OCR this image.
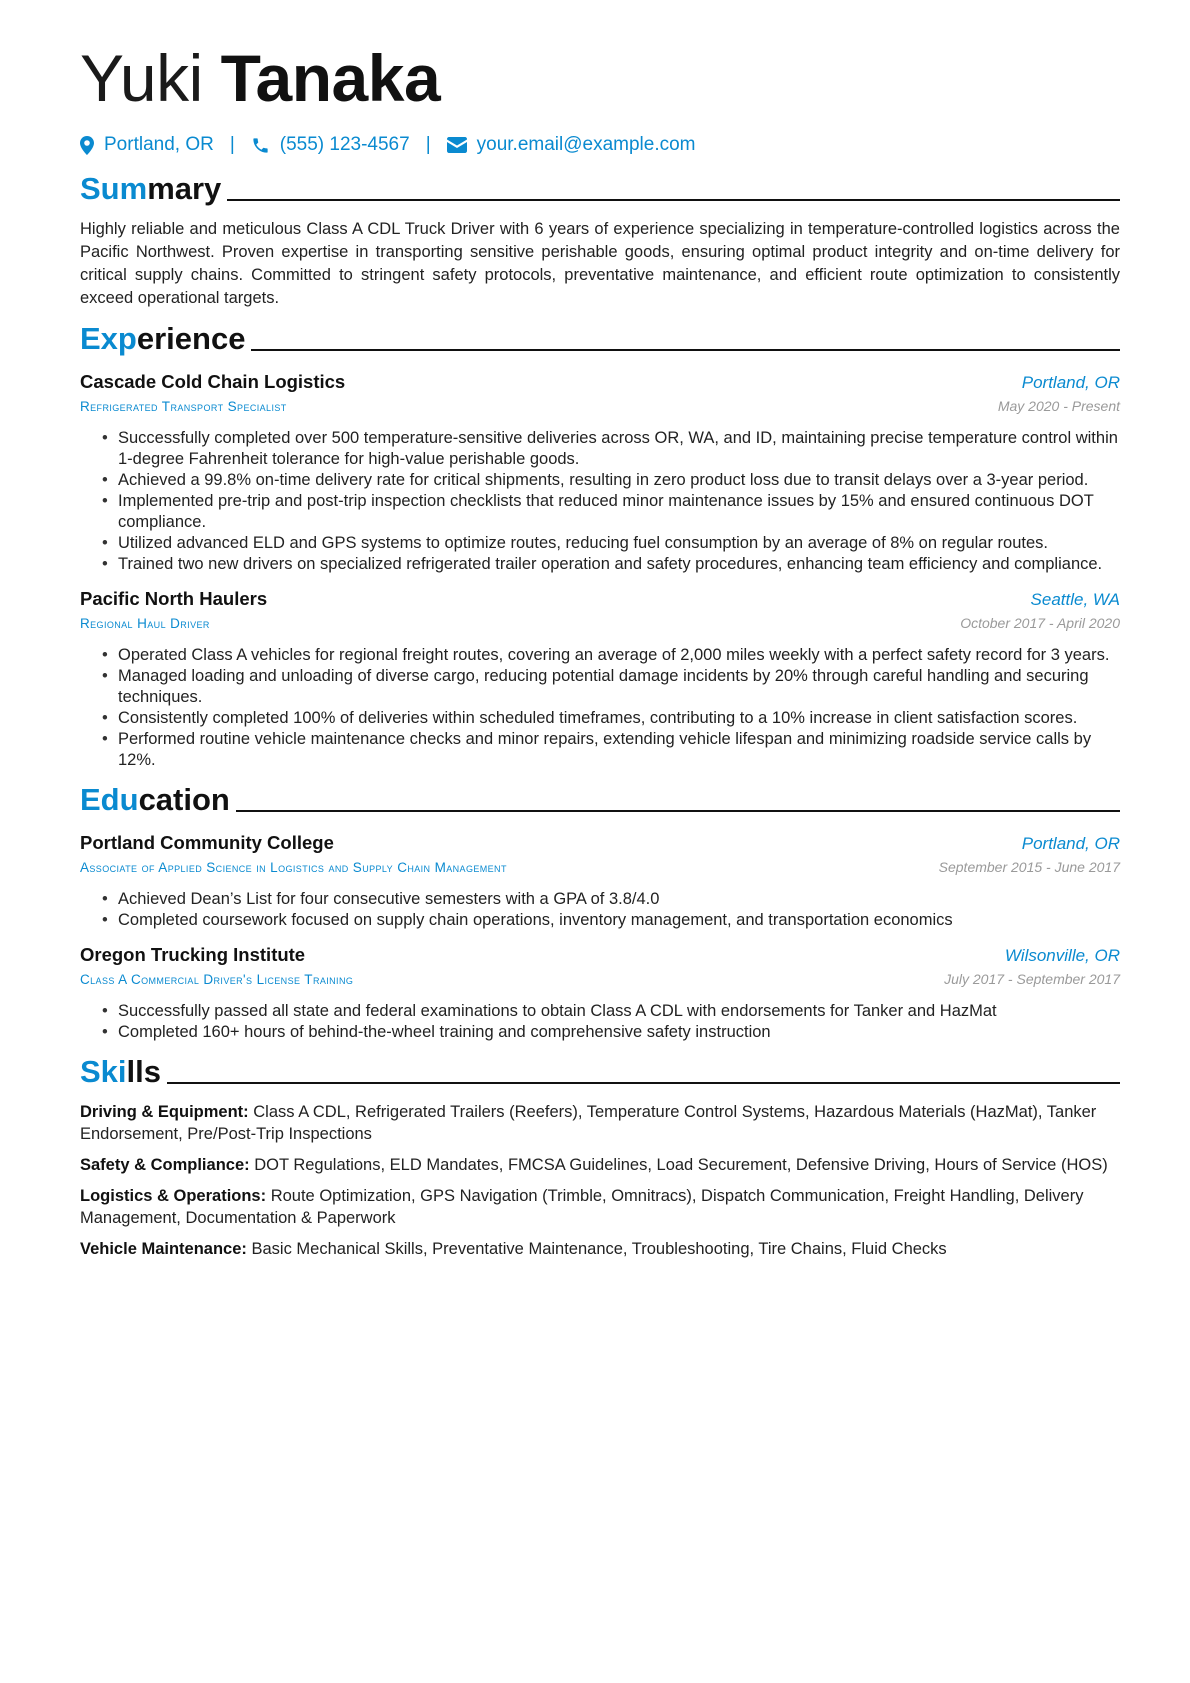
Yuki Tanaka
Portland, OR | (555) 123-4567 | your.email@example.com
Summary
Highly reliable and meticulous Class A CDL Truck Driver with 6 years of experience specializing in temperature-controlled logistics across the Pacific Northwest. Proven expertise in transporting sensitive perishable goods, ensuring optimal product integrity and on-time delivery for critical supply chains. Committed to stringent safety protocols, preventative maintenance, and efficient route optimization to consistently exceed operational targets.
Experience
Cascade Cold Chain Logistics	Portland, OR
Refrigerated Transport Specialist	May 2020 - Present
• Successfully completed over 500 temperature-sensitive deliveries across OR, WA, and ID, maintaining precise temperature control within 1-degree Fahrenheit tolerance for high-value perishable goods.
• Achieved a 99.8% on-time delivery rate for critical shipments, resulting in zero product loss due to transit delays over a 3-year period.
• Implemented pre-trip and post-trip inspection checklists that reduced minor maintenance issues by 15% and ensured continuous DOT compliance.
• Utilized advanced ELD and GPS systems to optimize routes, reducing fuel consumption by an average of 8% on regular routes.
• Trained two new drivers on specialized refrigerated trailer operation and safety procedures, enhancing team efficiency and compliance.
Pacific North Haulers	Seattle, WA
Regional Haul Driver	October 2017 - April 2020
• Operated Class A vehicles for regional freight routes, covering an average of 2,000 miles weekly with a perfect safety record for 3 years.
• Managed loading and unloading of diverse cargo, reducing potential damage incidents by 20% through careful handling and securing techniques.
• Consistently completed 100% of deliveries within scheduled timeframes, contributing to a 10% increase in client satisfaction scores.
• Performed routine vehicle maintenance checks and minor repairs, extending vehicle lifespan and minimizing roadside service calls by 12%.
Education
Portland Community College	Portland, OR
Associate of Applied Science in Logistics and Supply Chain Management	September 2015 - June 2017
• Achieved Dean’s List for four consecutive semesters with a GPA of 3.8/4.0
• Completed coursework focused on supply chain operations, inventory management, and transportation economics
Oregon Trucking Institute	Wilsonville, OR
Class A Commercial Driver's License Training	July 2017 - September 2017
• Successfully passed all state and federal examinations to obtain Class A CDL with endorsements for Tanker and HazMat
• Completed 160+ hours of behind-the-wheel training and comprehensive safety instruction
Skills
Driving & Equipment: Class A CDL, Refrigerated Trailers (Reefers), Temperature Control Systems, Hazardous Materials (HazMat), Tanker Endorsement, Pre/Post-Trip Inspections
Safety & Compliance: DOT Regulations, ELD Mandates, FMCSA Guidelines, Load Securement, Defensive Driving, Hours of Service (HOS)
Logistics & Operations: Route Optimization, GPS Navigation (Trimble, Omnitracs), Dispatch Communication, Freight Handling, Delivery Management, Documentation & Paperwork
Vehicle Maintenance: Basic Mechanical Skills, Preventative Maintenance, Troubleshooting, Tire Chains, Fluid Checks
